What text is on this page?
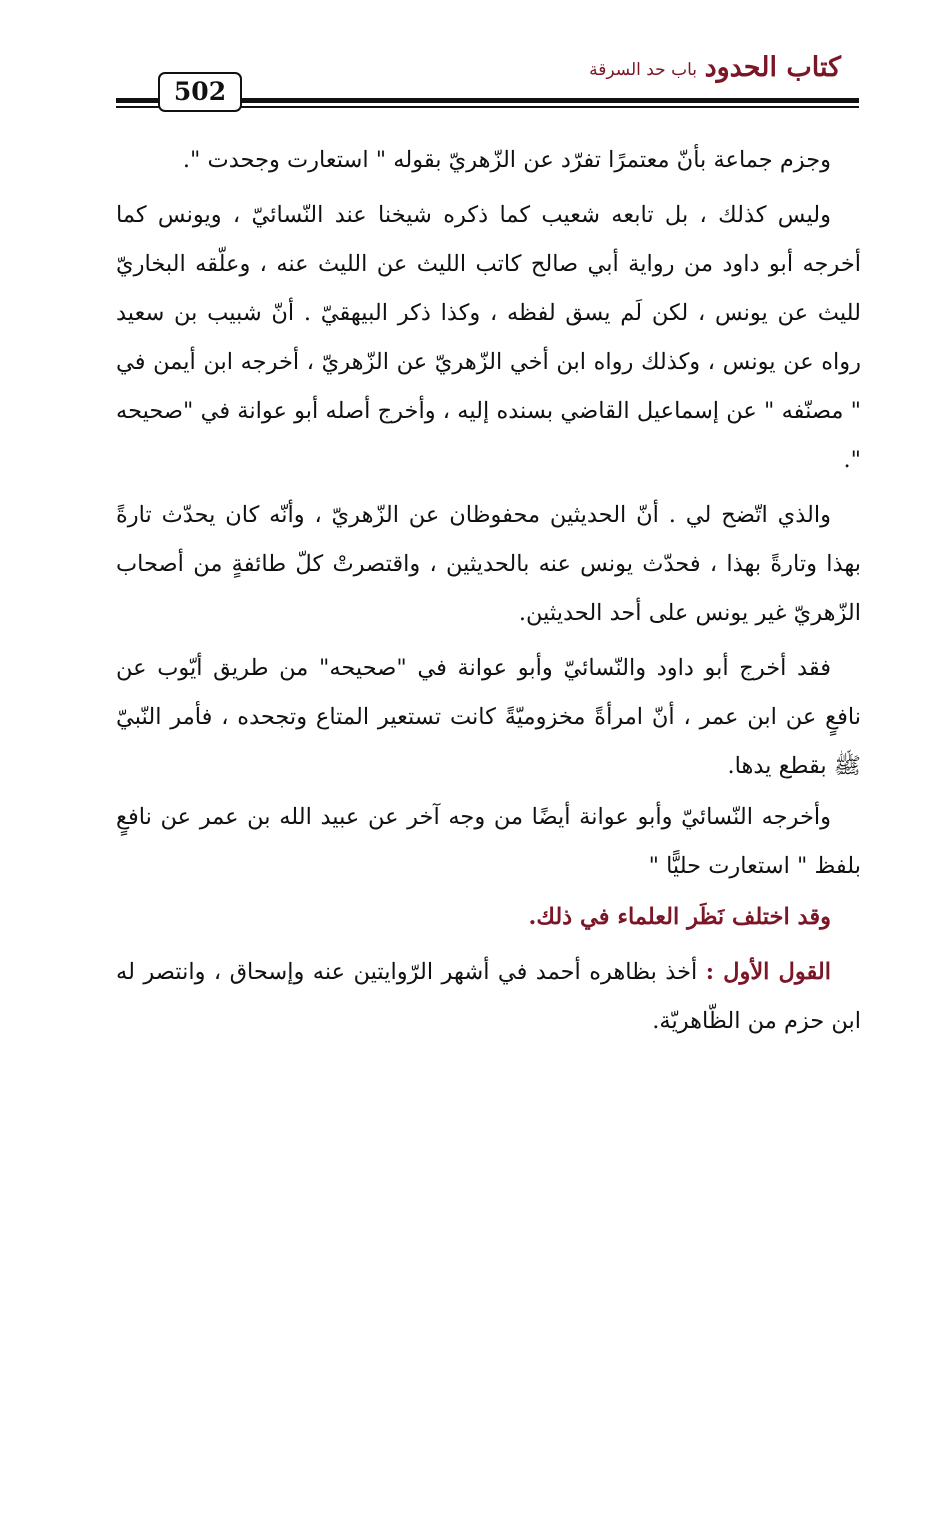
كتاب الحدود
باب حد السرقة
502

وجزم جماعة بأنّ معتمرًا تفرّد عن الزّهريّ بقوله " استعارت وجحدت ".

وليس كذلك ، بل تابعه شعيب كما ذكره شيخنا عند النّسائيّ ، ويونس كما أخرجه أبو داود من رواية أبي صالح كاتب الليث عن الليث عنه ، وعلّقه البخاريّ لليث عن يونس ، لكن لَم يسق لفظه ، وكذا ذكر البيهقيّ . أنّ شبيب بن سعيد رواه عن يونس ، وكذلك رواه ابن أخي الزّهريّ عن الزّهريّ ، أخرجه ابن أيمن في " مصنّفه " عن إسماعيل القاضي بسنده إليه ، وأخرج أصله أبو عوانة في "صحيحه ".

والذي اتّضح لي . أنّ الحديثين محفوظان عن الزّهريّ ، وأنّه كان يحدّث تارةً بهذا وتارةً بهذا ، فحدّث يونس عنه بالحديثين ، واقتصرتْ كلّ طائفةٍ من أصحاب الزّهريّ غير يونس على أحد الحديثين.

فقد أخرج أبو داود والنّسائيّ وأبو عوانة في "صحيحه" من طريق أيّوب عن نافعٍ عن ابن عمر ، أنّ امرأةً مخزوميّةً كانت تستعير المتاع وتجحده ، فأمر النّبيّ ﷺ بقطع يدها.

وأخرجه النّسائيّ وأبو عوانة أيضًا من وجه آخر عن عبيد الله بن عمر عن نافعٍ بلفظ " استعارت حليًّا "

وقد اختلف نَظَر العلماء في ذلك.

القول الأول : أخذ بظاهره أحمد في أشهر الرّوايتين عنه وإسحاق ، وانتصر له ابن حزم من الظّاهريّة.
